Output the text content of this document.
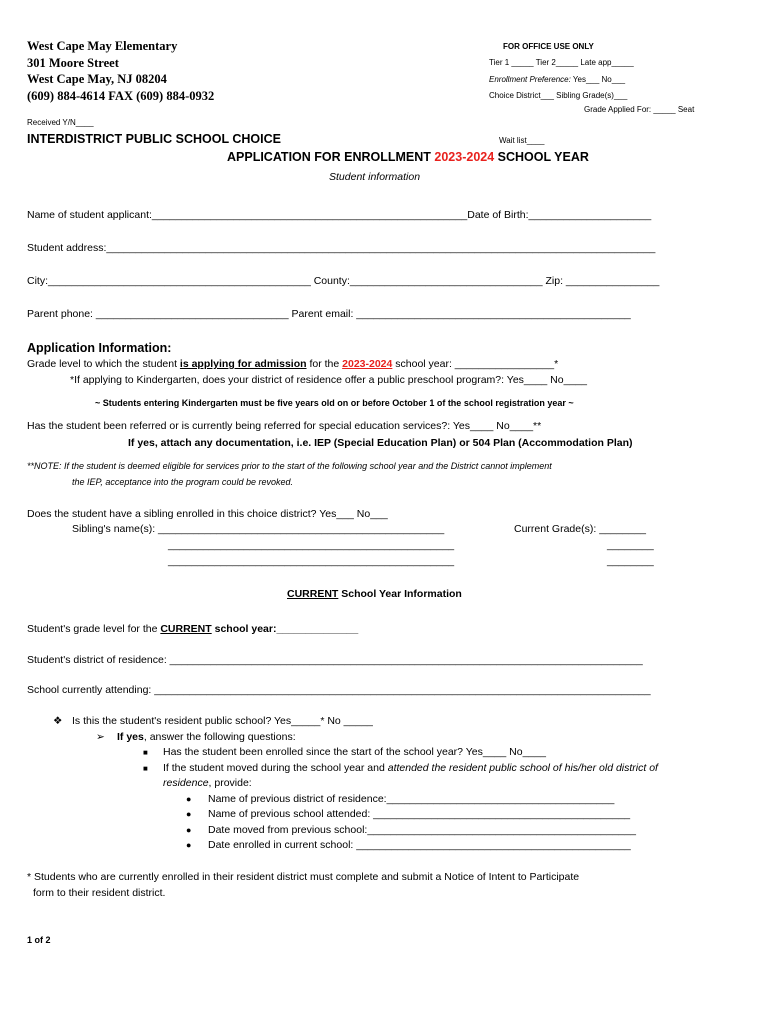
West Cape May Elementary
301 Moore Street
West Cape May, NJ 08204
(609) 884-4614 FAX (609) 884-0932
FOR OFFICE USE ONLY
Tier 1 _____ Tier 2_____ Late app_____
Enrollment Preference: Yes___ No___
Choice District___ Sibling Grade(s)___
Grade Applied For: _____ Seat
Received Y/N____
Wait list____
INTERDISTRICT PUBLIC SCHOOL CHOICE
APPLICATION FOR ENROLLMENT 2023-2024 SCHOOL YEAR
Student information
Name of student applicant:______________________________________________________Date of Birth:_____________________
Student address:______________________________________________________________________________________________
City:_____________________________________________ County:_________________________________ Zip: ________________
Parent phone: _________________________________ Parent email: _______________________________________________
Application Information:
Grade level to which the student is applying for admission for the 2023-2024 school year: _________________*
*If applying to Kindergarten, does your district of residence offer a public preschool program?: Yes____ No____
~ Students entering Kindergarten must be five years old on or before October 1 of the school registration year ~
Has the student been referred or is currently being referred for special education services?: Yes____ No____**
If yes, attach any documentation, i.e. IEP (Special Education Plan) or 504 Plan (Accommodation Plan)
**NOTE: If the student is deemed eligible for services prior to the start of the following school year and the District cannot implement
the IEP, acceptance into the program could be revoked.
Does the student have a sibling enrolled in this choice district? Yes___ No___
Sibling's name(s): _________________________________________________	Current Grade(s): ________
_________________________________________________	________
_________________________________________________	________
CURRENT School Year Information
Student's grade level for the CURRENT school year:______________
Student's district of residence: _________________________________________________________________________________
School currently attending: _____________________________________________________________________________________
❖ Is this the student's resident public school? Yes_____* No _____
➢ If yes, answer the following questions:
■ Has the student been enrolled since the start of the school year? Yes____ No____
■ If the student moved during the school year and attended the resident public school of his/her old district of
residence, provide:
● Name of previous district of residence:_______________________________________
● Name of previous school attended: ____________________________________________
● Date moved from previous school:______________________________________________
● Date enrolled in current school: _______________________________________________
* Students who are currently enrolled in their resident district must complete and submit a Notice of Intent to Participate
form to their resident district.
1 of 2
